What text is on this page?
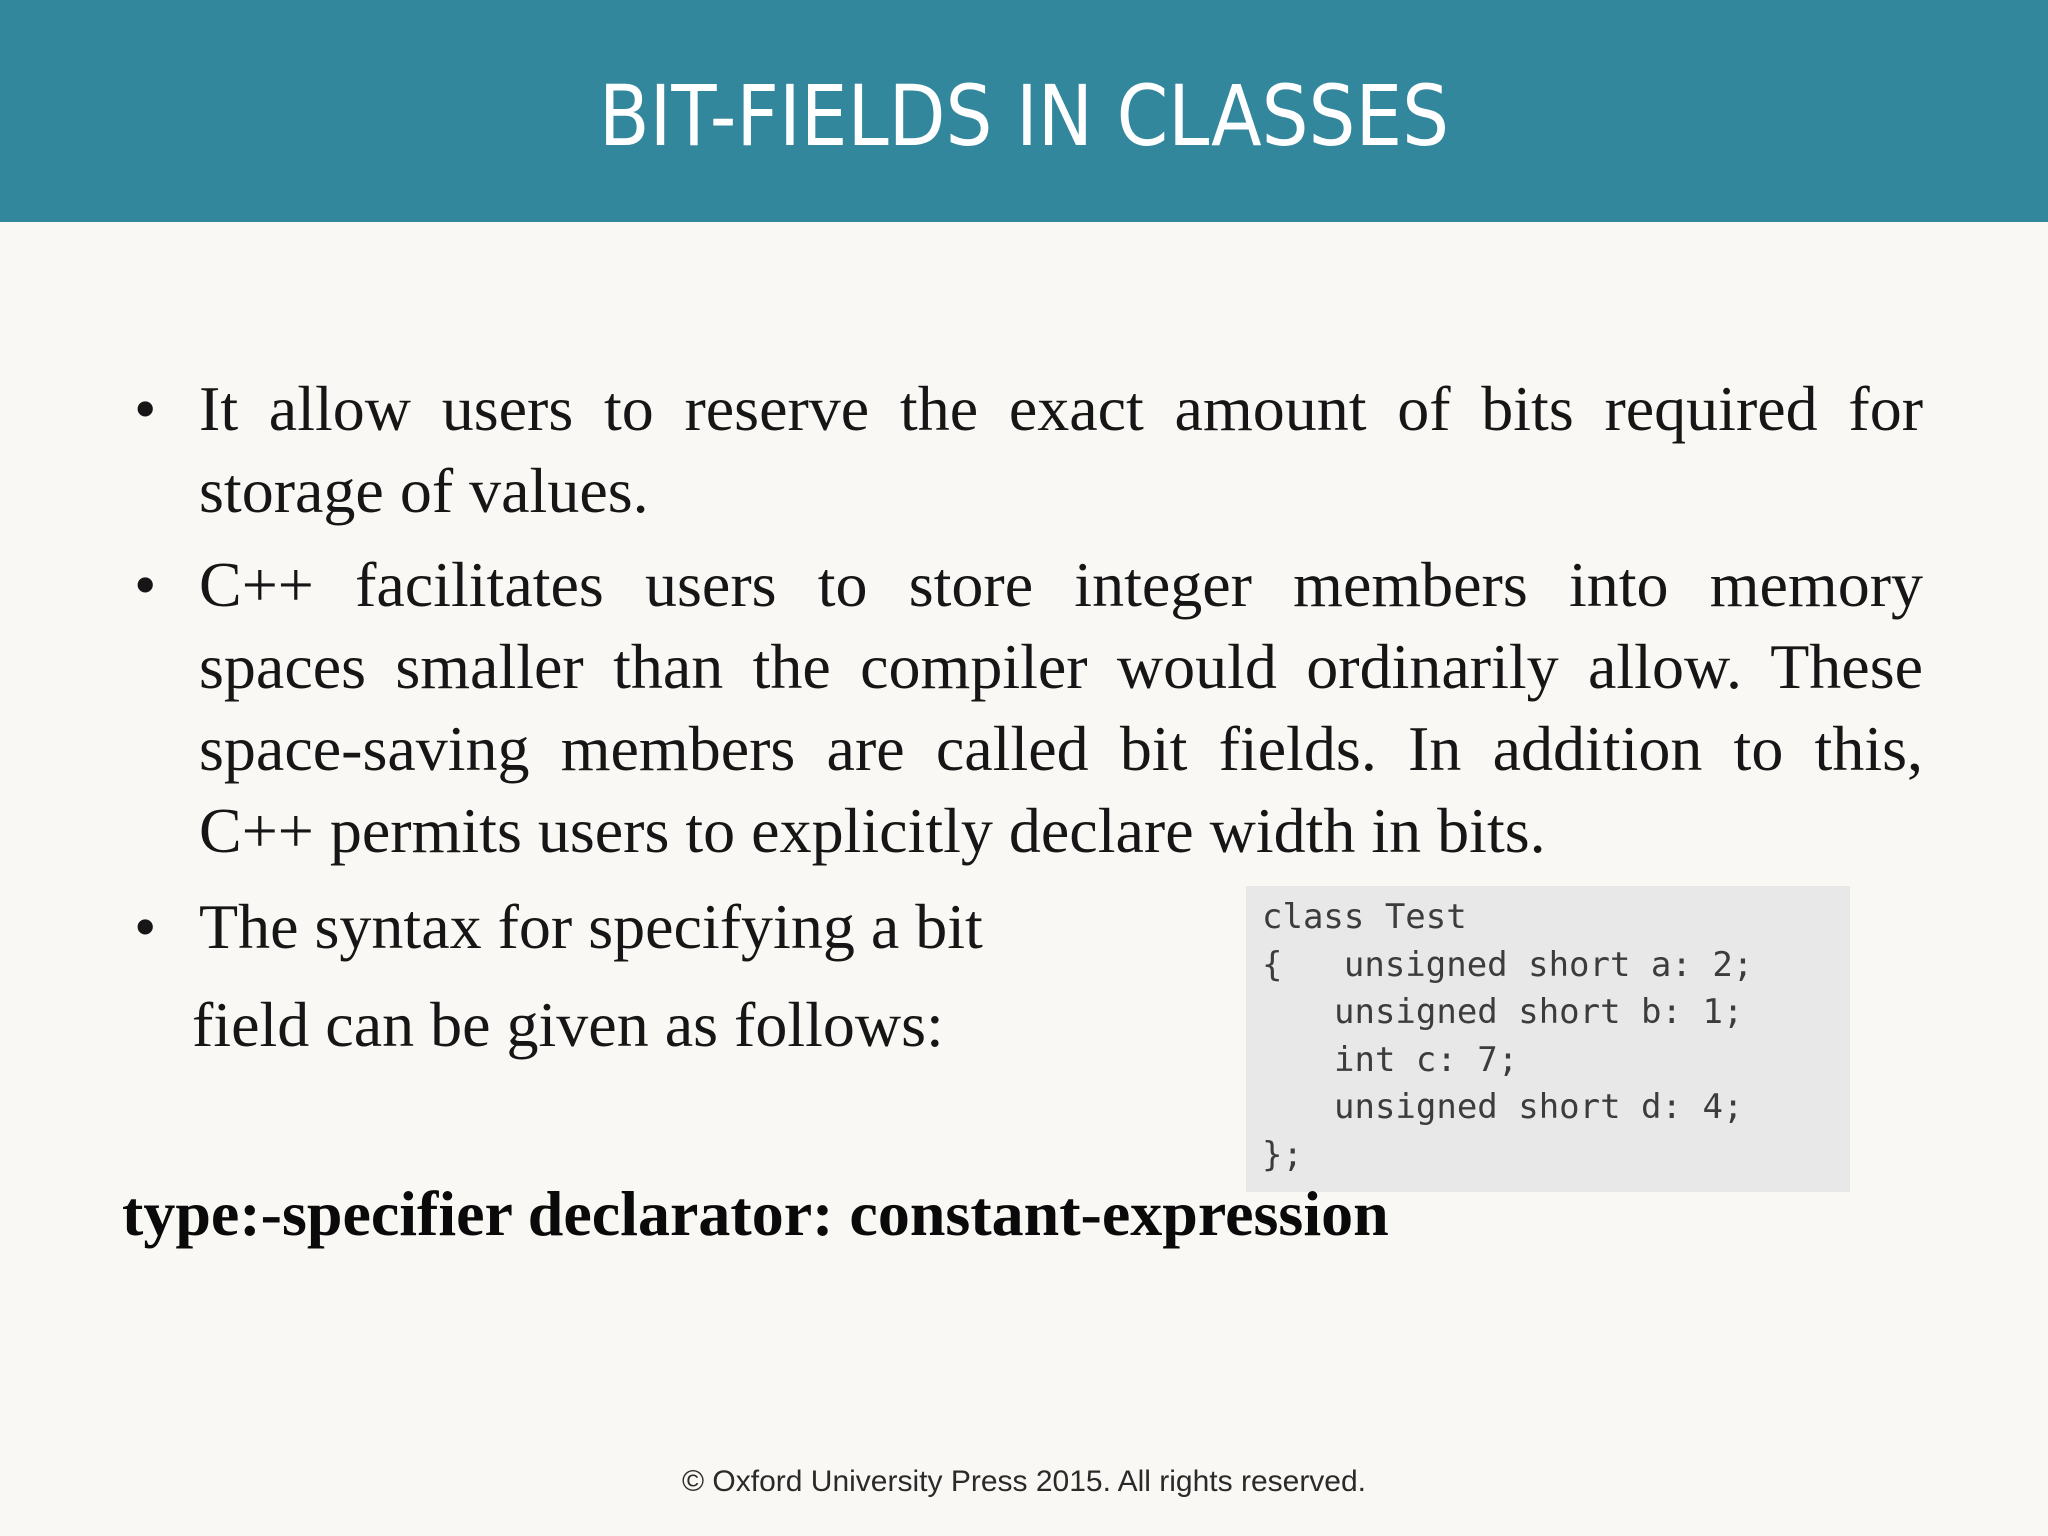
BIT-FIELDS IN CLASSES
• It allow users to reserve the exact amount of bits required for
storage of values.
• C++ facilitates users to store integer members into memory
spaces smaller than the compiler would ordinarily allow. These
space-saving members are called bit fields. In addition to this,
C++ permits users to explicitly declare width in bits.
• The syntax for specifying a bit
field can be given as follows:
class Test
{   unsigned short a: 2;
unsigned short b: 1;
int c: 7;
unsigned short d: 4;
};
type:-specifier declarator: constant-expression
© Oxford University Press 2015. All rights reserved.
